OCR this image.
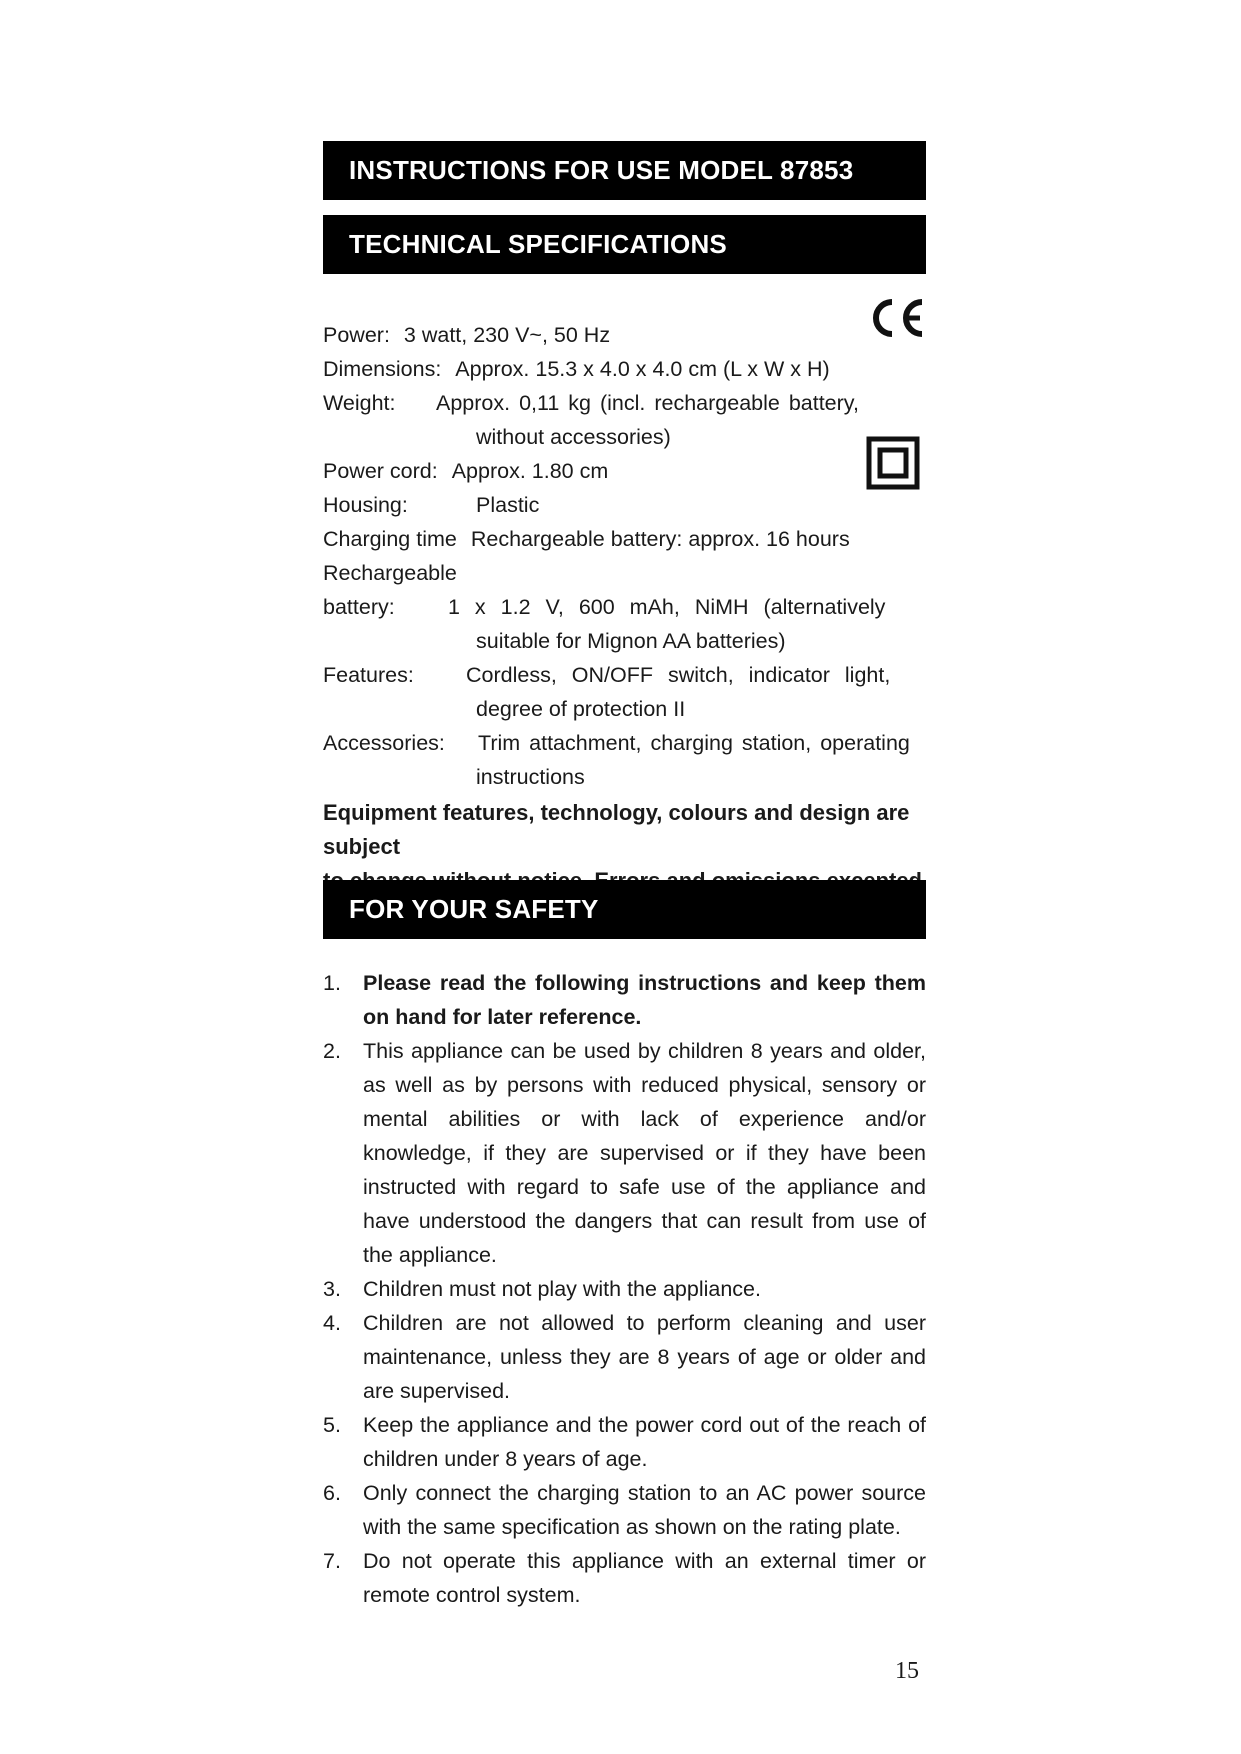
INSTRUCTIONS FOR USE MODEL 87853
TECHNICAL SPECIFICATIONS
Power: 3 watt, 230 V~, 50 Hz
Dimensions: Approx. 15.3 x 4.0 x 4.0 cm (L x W x H)
Weight:	Approx. 0,11 kg (incl. rechargeable battery,
without accessories)
Power cord: Approx. 1.80 cm
Housing:	Plastic
Charging time Rechargeable battery: approx. 16 hours
Rechargeable
battery:	1 x 1.2 V, 600 mAh, NiMH (alternatively
suitable for Mignon AA batteries)
Features:	Cordless, ON/OFF switch, indicator light,
degree of protection II
Accessories:	Trim attachment, charging station, operating
instructions
Equipment features, technology, colours and design are subject
FOR YOUR SAFETY
1.	Please read the following instructions and keep them on hand for later reference.
2.	This appliance can be used by children 8 years and older, as well as by persons with reduced physical, sensory or mental abilities or with lack of experience and/or knowledge, if they are supervised or if they have been instructed with regard to safe use of the appliance and have understood the dangers that can result from use of the appliance.
3.	Children must not play with the appliance.
4.	Children are not allowed to perform cleaning and user maintenance, unless they are 8 years of age or older and are supervised.
5.	Keep the appliance and the power cord out of the reach of children under 8 years of age.
6.	Only connect the charging station to an AC power source with the same specification as shown on the rating plate.
7.	Do not operate this appliance with an external timer or remote control system.
15
